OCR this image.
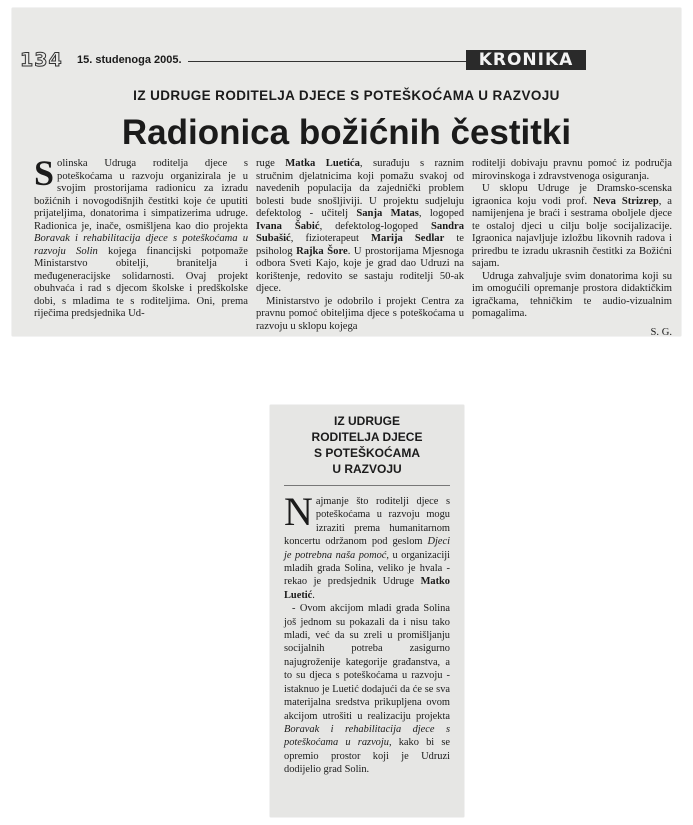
134 15. studenoga 2005.	KRONIKA
IZ UDRUGE RODITELJA DJECE S POTEŠKOĆAMA U RAZVOJU
Radionica božićnih čestitki

Solinska Udruga roditelja djece s poteškoćama u razvoju organizirala je u svojim prostorijama radionicu za izradu božićnih i novogodišnjih čestitki koje će uputiti prijateljima, donatorima i simpatizerima udruge. Radionica je, inače, osmišljena kao dio projekta Boravak i rehabilitacija djece s poteškoćama u razvoju Solin kojega financijski potpomaže Ministarstvo obitelji, branitelja i međugeneracijske solidarnosti. Ovaj projekt obuhvaća i rad s djecom školske i predškolske dobi, s mladima te s roditeljima. Oni, prema riječima predsjednika Ud-

ruge Matka Luetića, surađuju s raznim stručnim djelatnicima koji pomažu svakoj od navedenih populacija da zajednički problem bolesti bude snošljiviji. U projektu sudjeluju defektolog - učitelj Sanja Matas, logoped Ivana Šabić, defektolog-logoped Sandra Subašić, fizioterapeut Marija Sedlar te psiholog Rajka Šore. U prostorijama Mjesnoga odbora Sveti Kajo, koje je grad dao Udruzi na korištenje, redovito se sastaju roditelji 50-ak djece.

Ministarstvo je odobrilo i projekt Centra za pravnu pomoć obiteljima djece s poteškoćama u razvoju u sklopu kojega

roditelji dobivaju pravnu pomoć iz područja mirovinskoga i zdravstvenoga osiguranja.

U sklopu Udruge je Dramsko-scenska igraonica koju vodi prof. Neva Strizrep, a namijenjena je braći i sestrama oboljele djece te ostaloj djeci u cilju bolje socijalizacije. Igraonica najavljuje izložbu likovnih radova i priredbu te izradu ukrasnih čestitki za Božićni sajam.

Udruga zahvaljuje svim donatorima koji su im omogućili opremanje prostora didaktičkim igračkama, tehničkim te audio-vizualnim pomagalima.

S. G.
IZ UDRUGE
RODITELJA DJECE
S POTEŠKOĆAMA
U RAZVOJU

Najmanje što roditelji djece s poteškoćama u razvoju mogu izraziti prema humanitarnom koncertu održanom pod geslom Djeci je potrebna naša pomoć, u organizaciji mladih grada Solina, veliko je hvala - rekao je predsjednik Udruge Matko Luetić.

- Ovom akcijom mladi grada Solina još jednom su pokazali da i nisu tako mladi, već da su zreli u promišljanju socijalnih potreba zasigurno najugroženije kategorije građanstva, a to su djeca s poteškoćama u razvoju - istaknuo je Luetić dodajući da će se sva materijalna sredstva prikupljena ovom akcijom utrošiti u realizaciju projekta Boravak i rehabilitacija djece s poteškoćama u razvoju, kako bi se opremio prostor koji je Udruzi dodijelio grad Solin.
